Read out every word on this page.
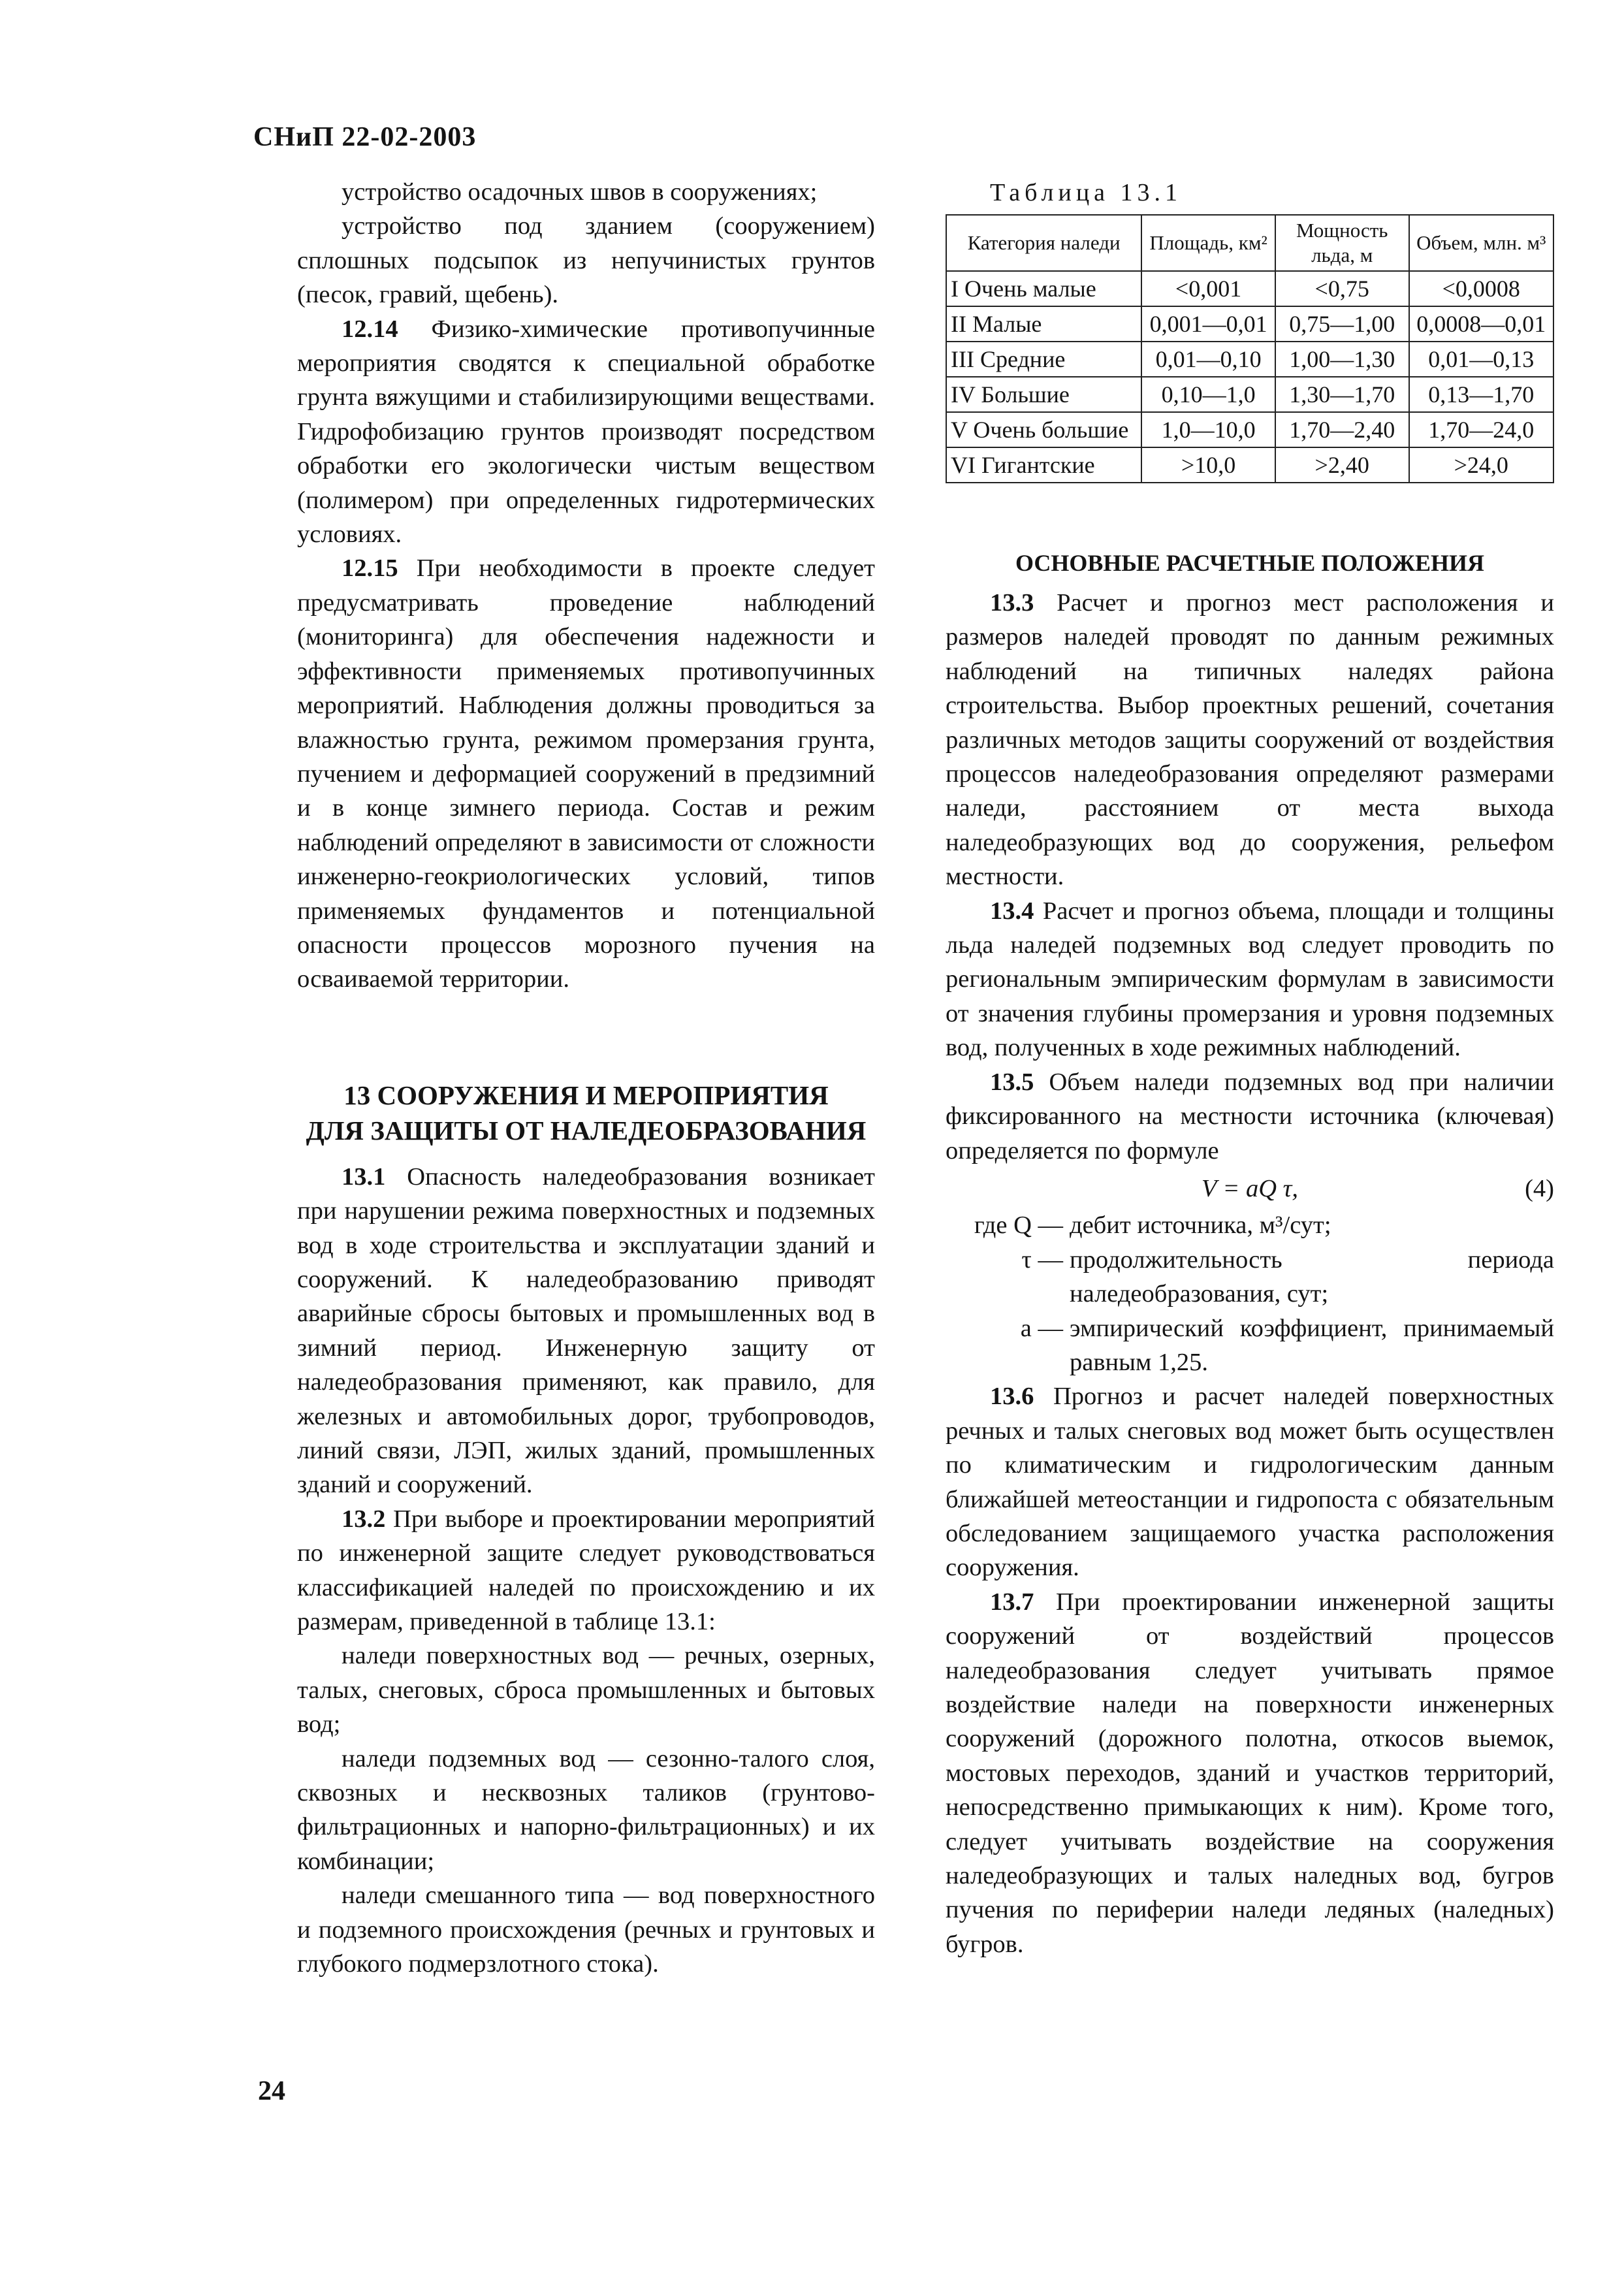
СНиП 22-02-2003

устройство осадочных швов в сооружениях;

устройство под зданием (сооружением) сплошных подсыпок из непучинистых грунтов (песок, гравий, щебень).

12.14 Физико-химические противопучинные мероприятия сводятся к специальной обработке грунта вяжущими и стабилизирующими веществами. Гидрофобизацию грунтов производят посредством обработки его экологически чистым веществом (полимером) при определенных гидротермических условиях.

12.15 При необходимости в проекте следует предусматривать проведение наблюдений (мониторинга) для обеспечения надежности и эффективности применяемых противопучинных мероприятий. Наблюдения должны проводиться за влажностью грунта, режимом промерзания грунта, пучением и деформацией сооружений в предзимний и в конце зимнего периода. Состав и режим наблюдений определяют в зависимости от сложности инженерно-геокриологических условий, типов применяемых фундаментов и потенциальной опасности процессов морозного пучения на осваиваемой территории.

13 СООРУЖЕНИЯ И МЕРОПРИЯТИЯ
ДЛЯ ЗАЩИТЫ ОТ НАЛЕДЕОБРАЗОВАНИЯ

13.1 Опасность наледеобразования возникает при нарушении режима поверхностных и подземных вод в ходе строительства и эксплуатации зданий и сооружений. К наледеобразованию приводят аварийные сбросы бытовых и промышленных вод в зимний период. Инженерную защиту от наледеобразования применяют, как правило, для железных и автомобильных дорог, трубопроводов, линий связи, ЛЭП, жилых зданий, промышленных зданий и сооружений.

13.2 При выборе и проектировании мероприятий по инженерной защите следует руководствоваться классификацией наледей по происхождению и их размерам, приведенной в таблице 13.1:

наледи поверхностных вод — речных, озерных, талых, снеговых, сброса промышленных и бытовых вод;

наледи подземных вод — сезонно-талого слоя, сквозных и несквозных таликов (грунтово-фильтрационных и напорно-фильтрационных) и их комбинации;

наледи смешанного типа — вод поверхностного и подземного происхождения (речных и грунтовых и глубокого подмерзлотного стока).

Таблица 13.1

Категория наледи	Площадь, км²	Мощность льда, м	Объем, млн. м³
I Очень малые	<0,001	<0,75	<0,0008
II Малые	0,001—0,01	0,75—1,00	0,0008—0,01
III Средние	0,01—0,10	1,00—1,30	0,01—0,13
IV Большие	0,10—1,0	1,30—1,70	0,13—1,70
V Очень большие	1,0—10,0	1,70—2,40	1,70—24,0
VI Гигантские	>10,0	>2,40	>24,0
ОСНОВНЫЕ РАСЧЕТНЫЕ ПОЛОЖЕНИЯ

13.3 Расчет и прогноз мест расположения и размеров наледей проводят по данным режимных наблюдений на типичных наледях района строительства. Выбор проектных решений, сочетания различных методов защиты сооружений от воздействия процессов наледеобразования определяют размерами наледи, расстоянием от места выхода наледеобразующих вод до сооружения, рельефом местности.

13.4 Расчет и прогноз объема, площади и толщины льда наледей подземных вод следует проводить по региональным эмпирическим формулам в зависимости от значения глубины промерзания и уровня подземных вод, полученных в ходе режимных наблюдений.

13.5 Объем наледи подземных вод при наличии фиксированного на местности источника (ключевая) определяется по формуле

V = aQ τ,	(4)
где Q — дебит источника, м³/сут;
τ — продолжительность периода наледеобразования, сут;
a — эмпирический коэффициент, принимаемый равным 1,25.

13.6 Прогноз и расчет наледей поверхностных речных и талых снеговых вод может быть осуществлен по климатическим и гидрологическим данным ближайшей метеостанции и гидропоста с обязательным обследованием защищаемого участка расположения сооружения.

13.7 При проектировании инженерной защиты сооружений от воздействий процессов наледеобразования следует учитывать прямое воздействие наледи на поверхности инженерных сооружений (дорожного полотна, откосов выемок, мостовых переходов, зданий и участков территорий, непосредственно примыкающих к ним). Кроме того, следует учитывать воздействие на сооружения наледеобразующих и талых наледных вод, бугров пучения по периферии наледи ледяных (наледных) бугров.

24
